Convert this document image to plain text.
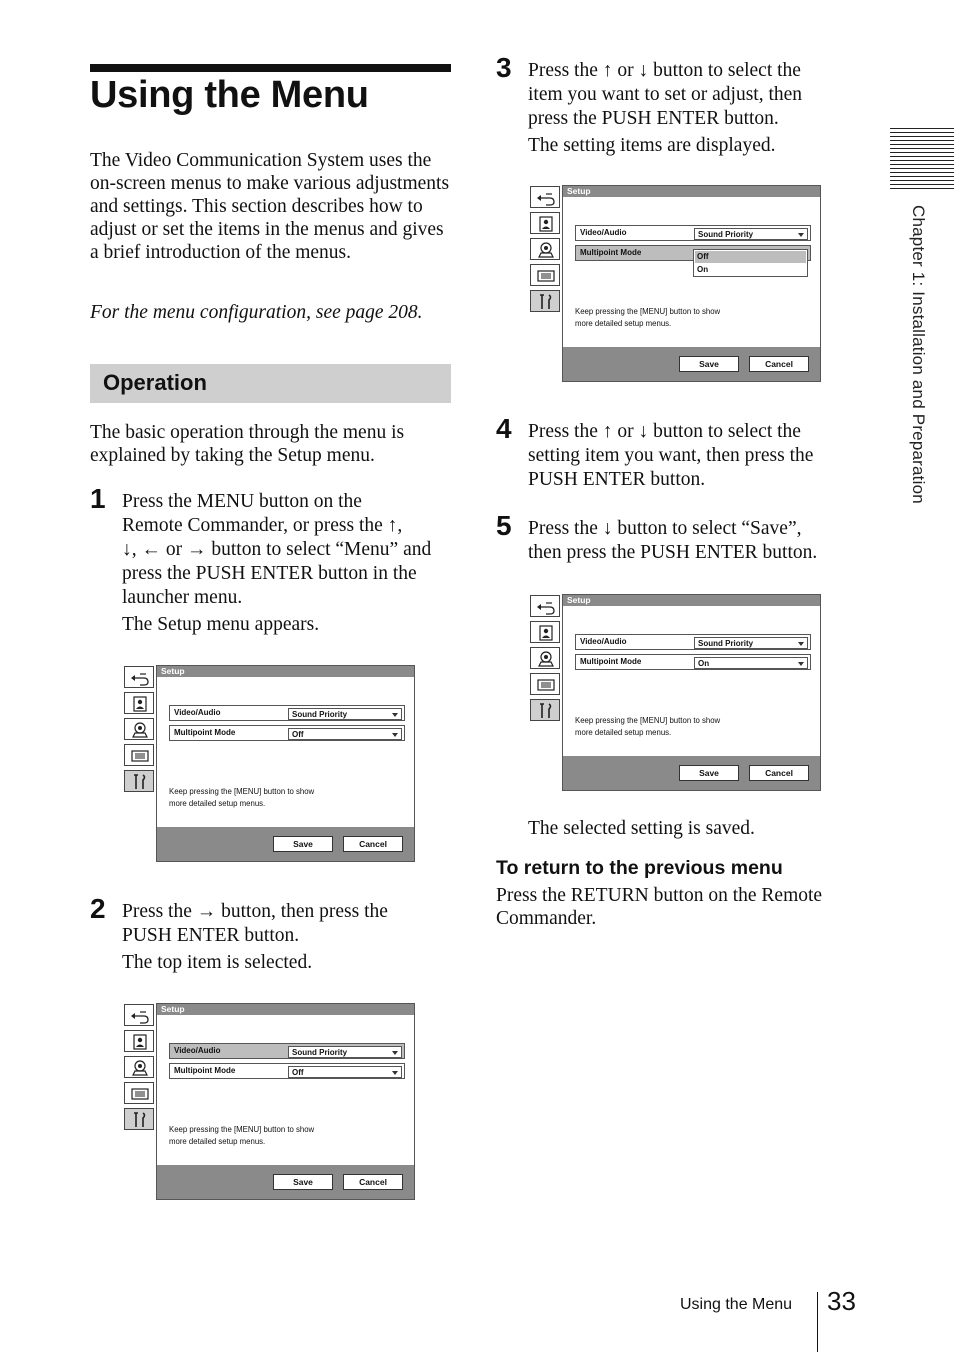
Using the Menu
The Video Communication System uses the on-screen menus to make various adjustments and settings. This section describes how to adjust or set the items in the menus and gives a brief introduction of the menus.
For the menu configuration, see page 208.
Operation
The basic operation through the menu is explained by taking the Setup menu.
1 Press the MENU button on the
Remote Commander, or press the ↑,
↓, ← or → button to select “Menu” and
press the PUSH ENTER button in the
launcher menu.
The Setup menu appears.
Setup
Video/Audio	Sound Priority
Multipoint Mode	Off
Keep pressing the [MENU] button to show
more detailed setup menus.
Save	Cancel
2 Press the → button, then press the
PUSH ENTER button.
The top item is selected.
Setup
Video/Audio	Sound Priority
Multipoint Mode	Off
Keep pressing the [MENU] button to show
more detailed setup menus.
Save	Cancel
3 Press the ↑ or ↓ button to select the
item you want to set or adjust, then
press the PUSH ENTER button.
The setting items are displayed.
Setup
Video/Audio	Sound Priority
Multipoint Mode	Off
On
Keep pressing the [MENU] button to show
more detailed setup menus.
Save	Cancel
4 Press the ↑ or ↓ button to select the
setting item you want, then press the
PUSH ENTER button.
5 Press the ↓ button to select “Save”,
then press the PUSH ENTER button.
Setup
Video/Audio	Sound Priority
Multipoint Mode	On
Keep pressing the [MENU] button to show
more detailed setup menus.
Save	Cancel
The selected setting is saved.
To return to the previous menu
Press the RETURN button on the Remote Commander.
Chapter 1: Installation and Preparation
Using the Menu 33
